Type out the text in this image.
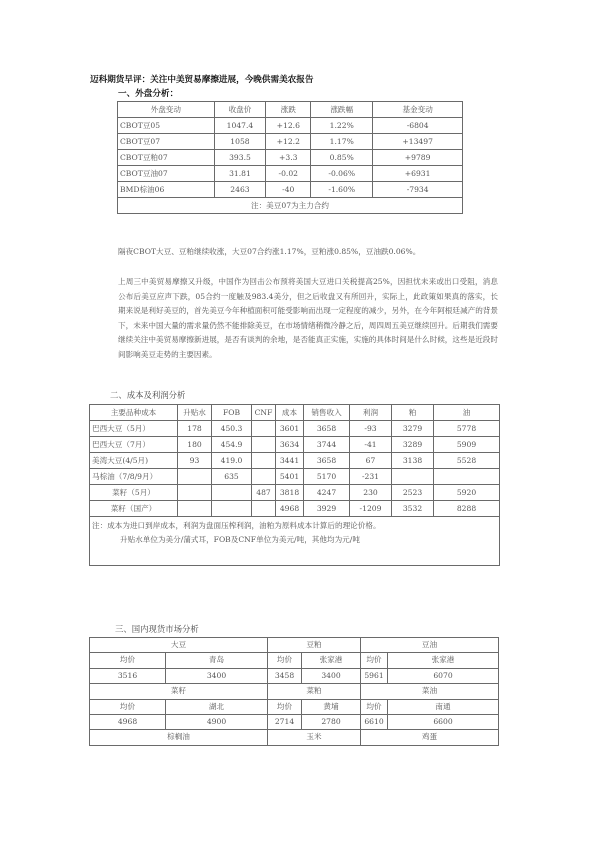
迈科期货早评：关注中美贸易摩擦进展，今晚供需美农报告
一、外盘分析：
外盘变动	收盘价	涨跌	涨跌幅	基金变动
CBOT豆05	1047.4	+12.6	1.22%	-6804
CBOT豆07	1058	+12.2	1.17%	+13497
CBOT豆粕07	393.5	+3.3	0.85%	+9789
CBOT豆油07	31.81	-0.02	-0.06%	+6931
BMD棕油06	2463	-40	-1.60%	-7934
注：美豆07为主力合约				
隔夜CBOT大豆、豆粕继续收涨，大豆07合约涨1.17%，豆粕涨0.85%，豆油跌0.06%。
上周三中美贸易摩擦又升级，中国作为回击公布预将美国大豆进口关税提高25%，因担忧未来或出口受阻，消息公布后美豆应声下跌，05合约一度触及983.4美分，但之后收盘又有所回升，实际上，此政策如果真的落实，长期来说是利好美豆的，首先美豆今年种植面积可能受影响而出现一定程度的减少，另外，在今年阿根廷减产的背景下，未来中国大量的需求量仍然不能排除美豆，在市场情绪稍微冷静之后，周四周五美豆继续回升。后期我们需要继续关注中美贸易摩擦新进展，是否有谈判的余地，是否能真正实施，实施的具体时间是什么时候，这些是近段时间影响美豆走势的主要因素。
二、成本及利润分析
主要品种成本	升贴水	FOB	CNF	成本	销售收入	利润	粕	油
巴西大豆（5月）	178	450.3		3601	3658	-93	3279	5778
巴西大豆（7月）	180	454.9		3634	3744	-41	3289	5909
美湾大豆(4/5月)	93	419.0		3441	3658	67	3138	5528
马棕油（7/8/9月）		635		5401	5170	-231		
菜籽（5月）			487	3818	4247	230	2523	5920
菜籽（国产）				4968	3929	-1209	3532	8288

注：成本为进口到岸成本，利润为盘面压榨利润，油粕为原料成本计算后的理论价格。
升贴水单位为美分/蒲式耳，FOB及CNF单位为美元/吨，其他均为元/吨								
三、国内现货市场分析
大豆		豆粕		豆油	
均价	青岛	均价	张家港	均价	张家港
3516	3400	3458	3400	5961	6070
菜籽		菜粕		菜油	
均价	湖北	均价	黄埔	均价	南通
4968	4900	2714	2780	6610	6600
棕榈油		玉米		鸡蛋	
